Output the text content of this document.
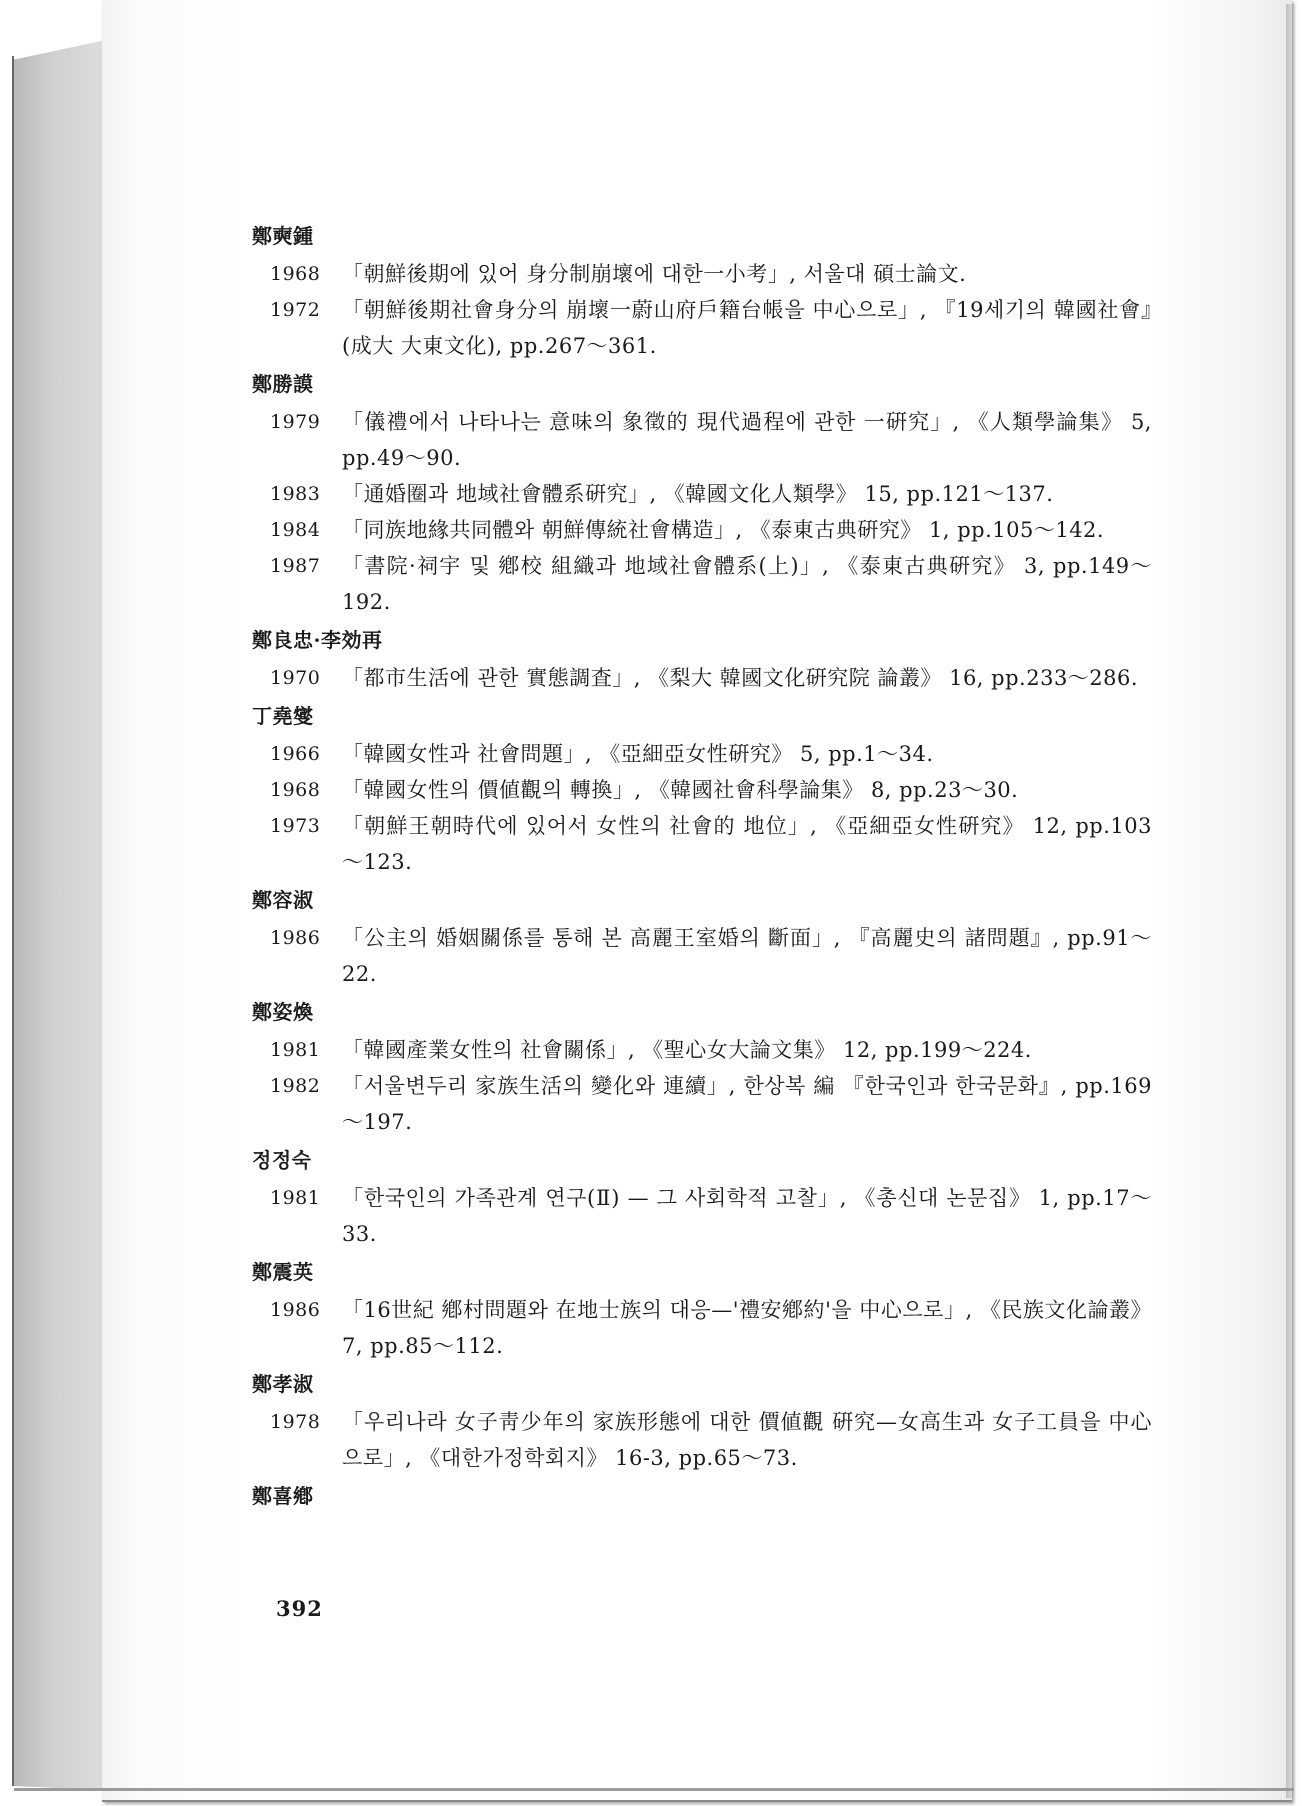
鄭奭鍾
1968	「朝鮮後期에 있어 身分制崩壞에 대한一小考」, 서울대 碩士論文.
1972	「朝鮮後期社會身分의 崩壞一蔚山府戶籍台帳을 中心으로」, 『19세기의 韓國社會』(成大 大東文化), pp.267～361.
鄭勝謨
1979	「儀禮에서 나타나는 意味의 象徵的 現代過程에 관한 一硏究」, 《人類學論集》 5, pp.49～90.
1983	「通婚圈과 地域社會體系硏究」, 《韓國文化人類學》 15, pp.121～137.
1984	「同族地緣共同體와 朝鮮傳統社會構造」, 《泰東古典硏究》 1, pp.105～142.
1987	「書院·祠宇 및 鄕校 組織과 地域社會體系(上)」, 《泰東古典硏究》 3, pp.149～192.
鄭良忠·李効再
1970	「都市生活에 관한 實態調査」, 《梨大 韓國文化硏究院 論叢》 16, pp.233～286.
丁堯燮
1966	「韓國女性과 社會問題」, 《亞細亞女性硏究》 5, pp.1～34.
1968	「韓國女性의 價値觀의 轉換」, 《韓國社會科學論集》 8, pp.23～30.
1973	「朝鮮王朝時代에 있어서 女性의 社會的 地位」, 《亞細亞女性硏究》 12, pp.103～123.
鄭容淑
1986	「公主의 婚姻關係를 통해 본 高麗王室婚의 斷面」, 『高麗史의 諸問題』, pp.91～22.
鄭姿煥
1981	「韓國產業女性의 社會關係」, 《聖心女大論文集》 12, pp.199～224.
1982	「서울변두리 家族生活의 變化와 連續」, 한상복 編 『한국인과 한국문화』, pp.169～197.
정정숙
1981	「한국인의 가족관계 연구(Ⅱ) — 그 사회학적 고찰」, 《총신대 논문집》 1, pp.17～33.
鄭震英
1986	「16世紀 鄕村問題와 在地士族의 대응—'禮安鄕約'을 中心으로」, 《民族文化論叢》 7, pp.85～112.
鄭孝淑
1978	「우리나라 女子靑少年의 家族形態에 대한 價値觀 硏究—女高生과 女子工員을 中心으로」, 《대한가정학회지》 16-3, pp.65～73.
鄭喜鄕
392
